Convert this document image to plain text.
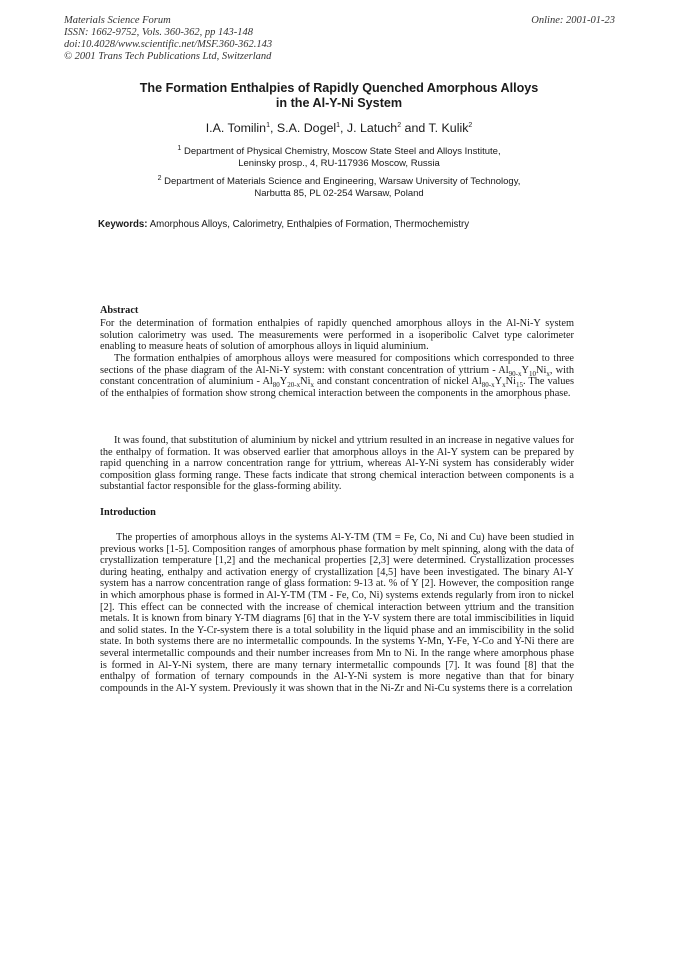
Materials Science Forum
ISSN: 1662-9752, Vols. 360-362, pp 143-148
doi:10.4028/www.scientific.net/MSF.360-362.143
© 2001 Trans Tech Publications Ltd, Switzerland
Online: 2001-01-23
The Formation Enthalpies of Rapidly Quenched Amorphous Alloys
in the Al-Y-Ni System
I.A. Tomilin$^1$, S.A. Dogel$^1$, J. Latuch$^2$ and T. Kulik$^2$
$^1$ Department of Physical Chemistry, Moscow State Steel and Alloys Institute,
Leninsky prosp., 4, RU-117936 Moscow, Russia
$^2$ Department of Materials Science and Engineering, Warsaw University of Technology,
Narbutta 85, PL 02-254 Warsaw, Poland
Keywords: Amorphous Alloys, Calorimetry, Enthalpies of Formation, Thermochemistry
Abstract

For the determination of formation enthalpies of rapidly quenched amorphous alloys in the Al-Ni-Y system solution calorimetry was used. The measurements were performed in a isoperibolic Calvet type calorimeter enabling to measure heats of solution of amorphous alloys in liquid aluminium.

The formation enthalpies of amorphous alloys were measured for compositions which corresponded to three sections of the phase diagram of the Al-Ni-Y system: with constant concentration of yttrium - $Al_{90-x}Y_{10}Ni_x$, with constant concentration of aluminium - $Al_{80}Y_{20-x}Ni_x$ and constant concentration of nickel $Al_{80-x}Y_xNi_{15}$. The values of the enthalpies of formation show strong chemical interaction between the components in the amorphous phase.

It was found, that substitution of aluminium by nickel and yttrium resulted in an increase in negative values for the enthalpy of formation. It was observed earlier that amorphous alloys in the Al-Y system can be prepared by rapid quenching in a narrow concentration range for yttrium, whereas Al-Y-Ni system has considerably wider composition glass forming range. These facts indicate that strong chemical interaction between components is a substantial factor responsible for the glass-forming ability.

Introduction

The properties of amorphous alloys in the systems Al-Y-TM (TM = Fe, Co, Ni and Cu) have been studied in previous works [1-5]. Composition ranges of amorphous phase formation by melt spinning, along with the data of crystallization temperature [1,2] and the mechanical properties [2,3] were determined. Crystallization processes during heating, enthalpy and activation energy of crystallization [4,5] have been investigated. The binary Al-Y system has a narrow concentration range of glass formation: 9-13 at. % of Y [2]. However, the composition range in which amorphous phase is formed in Al-Y-TM (TM - Fe, Co, Ni) systems extends regularly from iron to nickel [2]. This effect can be connected with the increase of chemical interaction between yttrium and the transition metals. It is known from binary Y-TM diagrams [6] that in the Y-V system there are total immiscibilities in liquid and solid states. In the Y-Cr-system there is a total solubility in the liquid phase and an immiscibility in the solid state. In both systems there are no intermetallic compounds. In the systems Y-Mn, Y-Fe, Y-Co and Y-Ni there are several intermetallic compounds and their number increases from Mn to Ni. In the range where amorphous phase is formed in Al-Y-Ni system, there are many ternary intermetallic compounds [7]. It was found [8] that the enthalpy of formation of ternary compounds in the Al-Y-Ni system is more negative than that for binary compounds in the Al-Y system. Previously it was shown that in the Ni-Zr and Ni-Cu systems there is a correlation
